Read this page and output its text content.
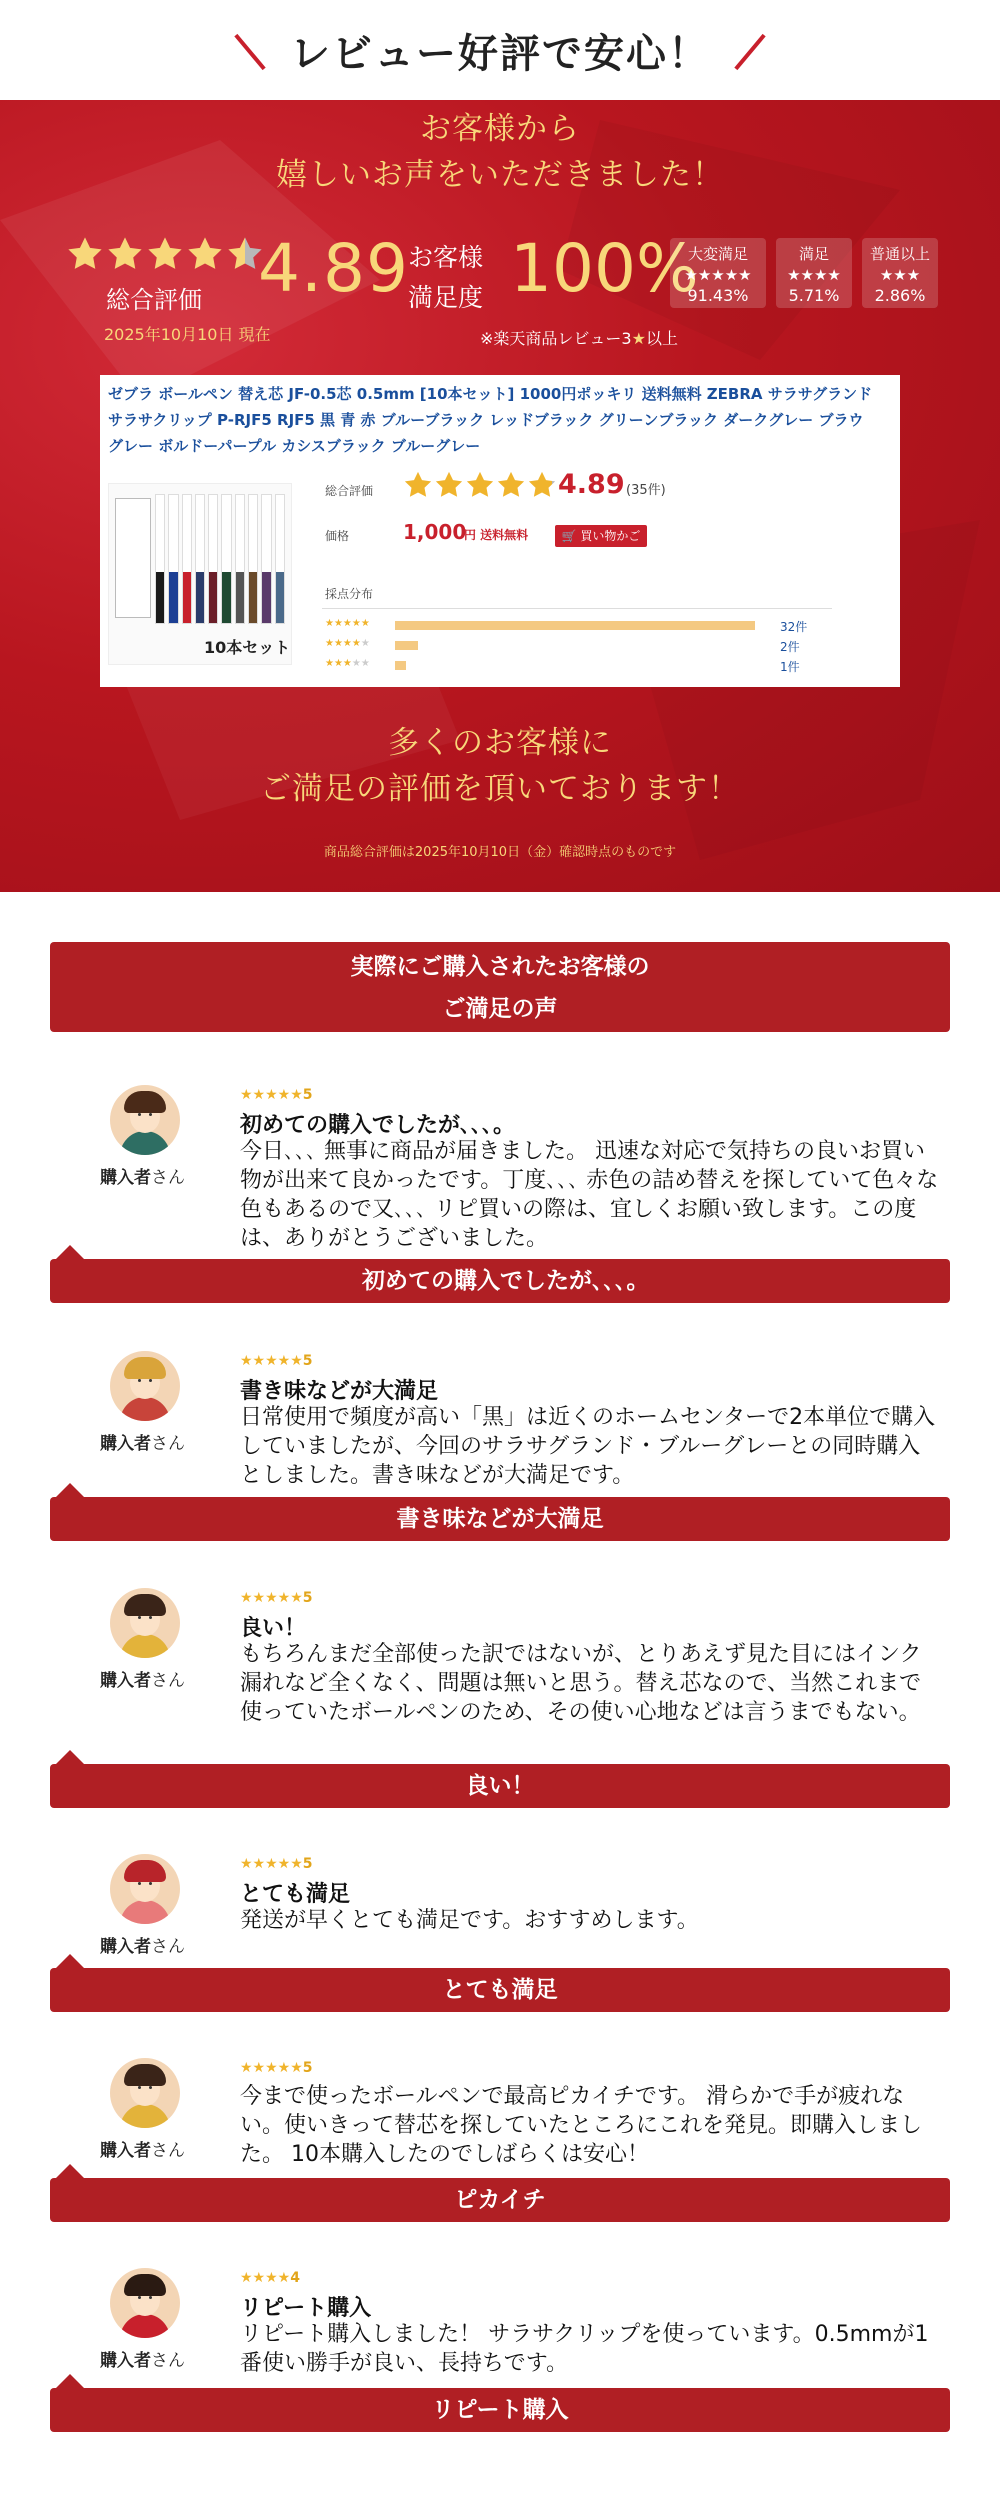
レビュー好評で安心！
お客様から
嬉しいお声をいただきました！
総合評価
2025年10月10日 現在
4.89 お客様
満足度 100%
※楽天商品レビュー3★以上
大変満足
★★★★★
91.43%
満足
★★★★
5.71%
普通以上
★★★
2.86%
ゼブラ ボールペン 替え芯 JF-0.5芯 0.5mm [10本セット] 1000円ポッキリ 送料無料 ZEBRA サラサグランド
サラサクリップ P-RJF5 RJF5 黒 青 赤 ブルーブラック レッドブラック グリーンブラック ダークグレー ブラウ
グレー ボルドーパープル カシスブラック ブルーグレー
10本セット
総合評価	4.89 (35件)
価格	1,000
円 送料無料	🛒 買い物かご
採点分布
★★★★★	32件
★★★★★	2件
★★★★★	1件
多くのお客様に
ご満足の評価を頂いております！
商品総合評価は2025年10月10日（金）確認時点のものです
実際にご購入されたお客様の
ご満足の声
購入者さん
★★★★★5
初めての購入でしたが､､､｡
今日､､､ 無事に商品が届きました。 迅速な対応で気持ちの良いお買い物が出来て良かったです。丁度､､､ 赤色の詰め替えを探していて色々な色もあるので又､､､ リピ買いの際は、宜しくお願い致します。この度は、ありがとうございました。
初めての購入でしたが､､､｡
購入者さん
★★★★★5
書き味などが大満足
日常使用で頻度が高い「黒」は近くのホームセンターで2本単位で購入していましたが、今回のサラサグランド・ブルーグレーとの同時購入としました。書き味などが大満足です。
書き味などが大満足
購入者さん
★★★★★5
良い！
もちろんまだ全部使った訳ではないが、とりあえず見た目にはインク漏れなど全くなく、問題は無いと思う。替え芯なので、当然これまで使っていたボールペンのため、その使い心地などは言うまでもない。
良い！
購入者さん
★★★★★5
とても満足
発送が早くとても満足です。おすすめします。
とても満足
購入者さん
★★★★★5
今まで使ったボールペンで最高ピカイチです。 滑らかで手が疲れない。使いきって替芯を探していたところにこれを発見。即購入しました。 10本購入したのでしばらくは安心！
ピカイチ
購入者さん
★★★★4
リピート購入
リピート購入しました！ サラサクリップを使っています。0.5mmが1番使い勝手が良い、長持ちです。
リピート購入
